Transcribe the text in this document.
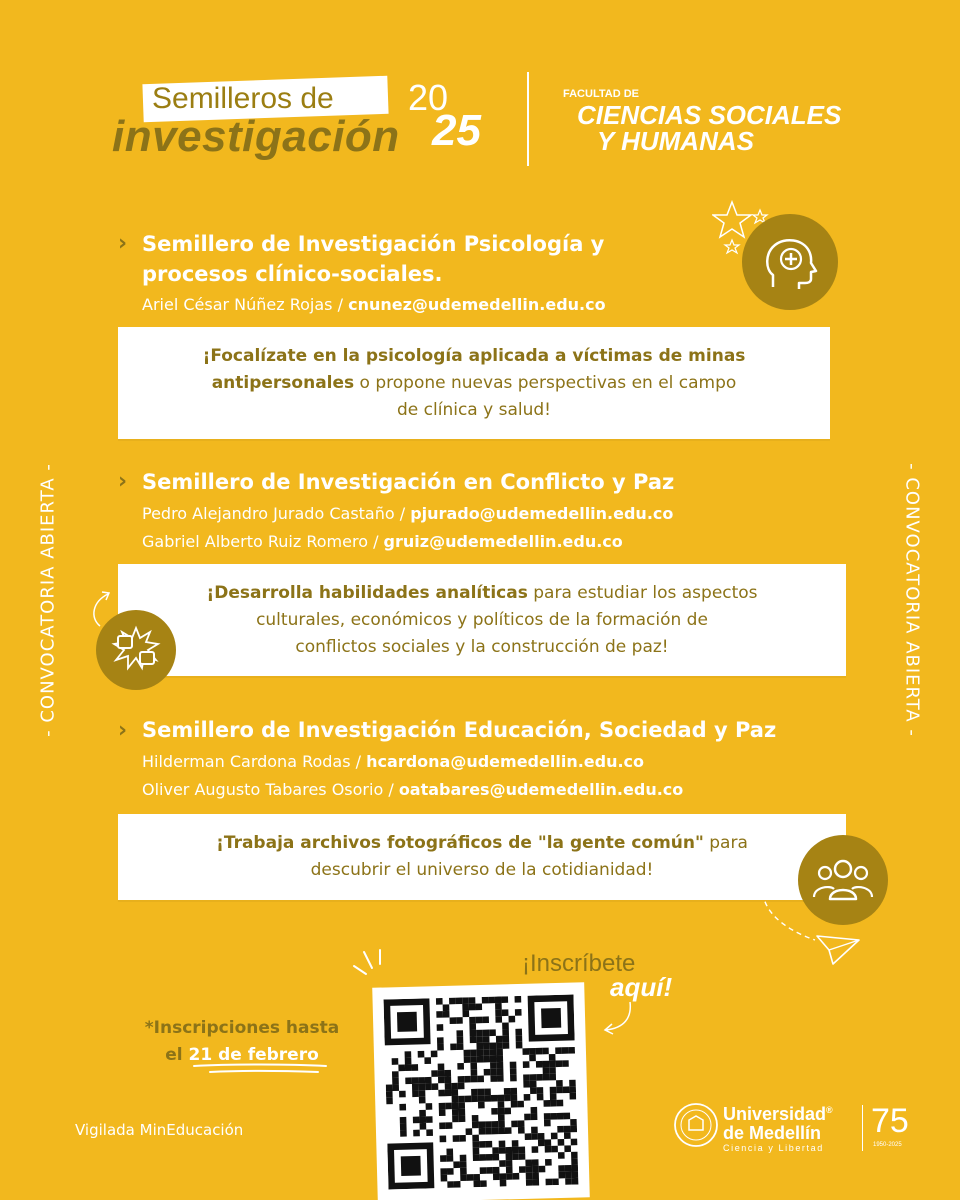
Semilleros de
investigación
20
25
FACULTAD DE
CIENCIAS SOCIALES
Y HUMANAS
- CONVOCATORIA ABIERTA -	- CONVOCATORIA ABIERTA -
› Semillero de Investigación Psicología y
procesos clínico-sociales.
Ariel César Núñez Rojas / cnunez@udemedellin.edu.co
¡Focalízate en la psicología aplicada a víctimas de minas
antipersonales o propone nuevas perspectivas en el campo
de clínica y salud!
› Semillero de Investigación en Conflicto y Paz
Pedro Alejandro Jurado Castaño / pjurado@udemedellin.edu.co
Gabriel Alberto Ruiz Romero / gruiz@udemedellin.edu.co
¡Desarrolla habilidades analíticas para estudiar los aspectos
culturales, económicos y políticos de la formación de
conflictos sociales y la construcción de paz!
› Semillero de Investigación Educación, Sociedad y Paz
Hilderman Cardona Rodas / hcardona@udemedellin.edu.co
Oliver Augusto Tabares Osorio / oatabares@udemedellin.edu.co
¡Trabaja archivos fotográficos de "la gente común" para
descubrir el universo de la cotidianidad!
*Inscripciones hasta
el 21 de febrero
¡Inscríbete
aquí!
Vigilada MinEducación
Universidad®
de Medellín
Ciencia y Libertad
75
1950-2025
